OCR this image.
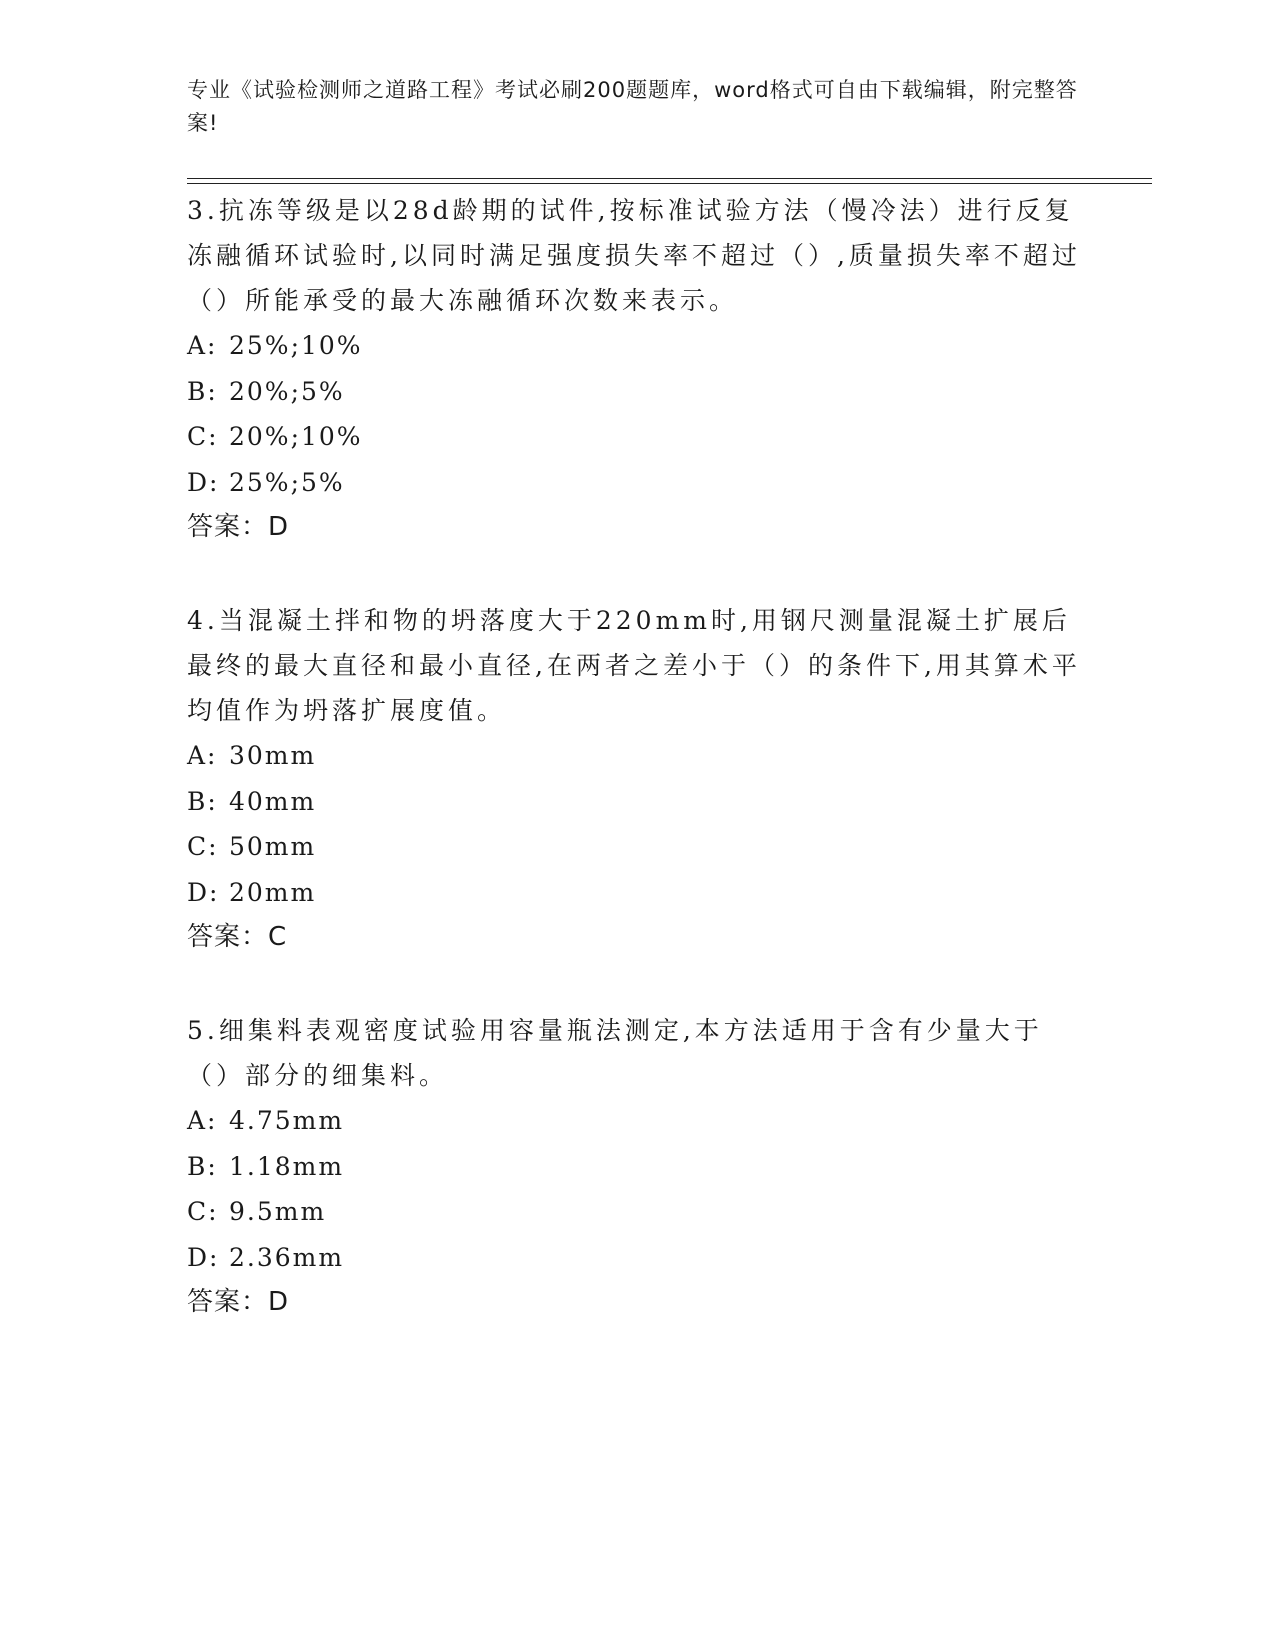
专业《试验检测师之道路工程》考试必刷200题题库，word格式可自由下载编辑，附完整答案!

3.抗冻等级是以28d龄期的试件,按标准试验方法（慢冷法）进行反复冻融循环试验时,以同时满足强度损失率不超过（）,质量损失率不超过（）所能承受的最大冻融循环次数来表示。

A: 25%;10%
B: 20%;5%
C: 20%;10%
D: 25%;5%
答案：D

4.当混凝土拌和物的坍落度大于220mm时,用钢尺测量混凝土扩展后最终的最大直径和最小直径,在两者之差小于（）的条件下,用其算术平均值作为坍落扩展度值。

A: 30mm
B: 40mm
C: 50mm
D: 20mm
答案：C

5.细集料表观密度试验用容量瓶法测定,本方法适用于含有少量大于（）部分的细集料。

A: 4.75mm
B: 1.18mm
C: 9.5mm
D: 2.36mm
答案：D
